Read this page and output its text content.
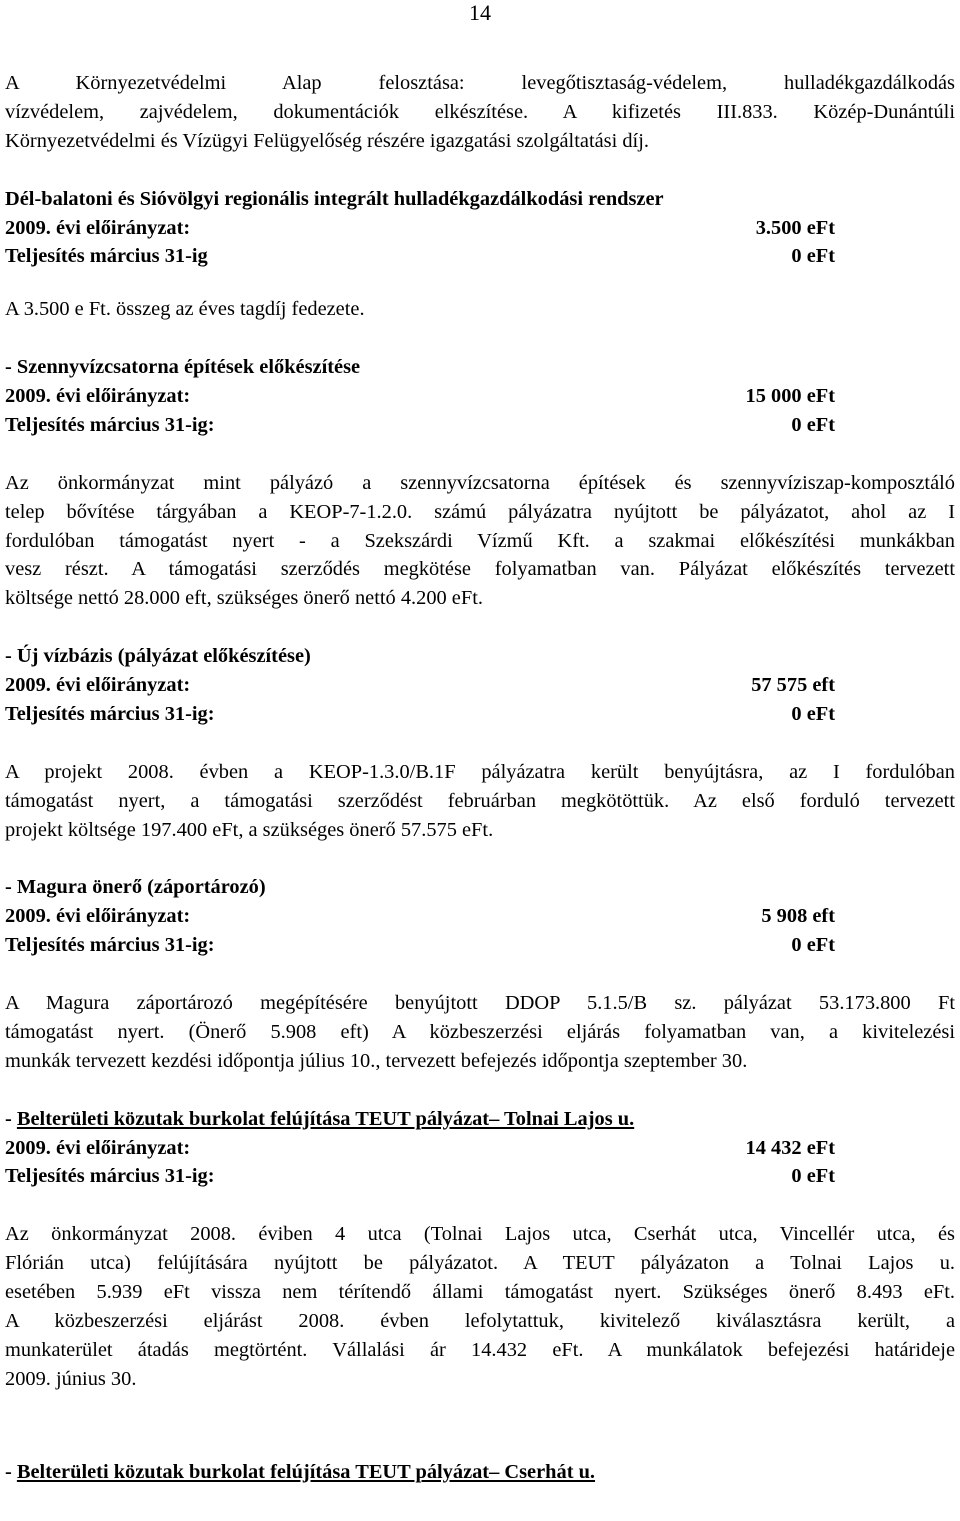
14

A Környezetvédelmi Alap felosztása: levegőtisztaság-védelem, hulladékgazdálkodás

vízvédelem, zajvédelem, dokumentációk elkészítése. A kifizetés III.833. Közép-Dunántúli

Környezetvédelmi és Vízügyi Felügyelőség részére igazgatási szolgáltatási díj.

Dél-balatoni és Sióvölgyi regionális integrált hulladékgazdálkodási rendszer

2009. évi előirányzat:	3.500 eFt
Teljesítés március 31-ig	0 eFt

A 3.500 e Ft. összeg az éves tagdíj fedezete.

- Szennyvízcsatorna építések előkészítése

2009. évi előirányzat:	15 000 eFt
Teljesítés március 31-ig:	0 eFt

Az önkormányzat mint pályázó a szennyvízcsatorna építések és szennyvíziszap-komposztáló

telep bővítése tárgyában a KEOP-7-1.2.0. számú pályázatra nyújtott be pályázatot, ahol az I

fordulóban támogatást nyert - a Szekszárdi Vízmű Kft. a szakmai előkészítési munkákban

vesz részt. A támogatási szerződés megkötése folyamatban van. Pályázat előkészítés tervezett

költsége nettó 28.000 eft, szükséges önerő nettó 4.200 eFt.

- Új vízbázis (pályázat előkészítése)

2009. évi előirányzat:	57 575 eft
Teljesítés március 31-ig:	0 eFt

A projekt 2008. évben a KEOP-1.3.0/B.1F pályázatra került benyújtásra, az I fordulóban

támogatást nyert, a támogatási szerződést februárban megkötöttük. Az első forduló tervezett

projekt költsége 197.400 eFt, a szükséges önerő 57.575 eFt.

- Magura önerő (záportározó)

2009. évi előirányzat:	5 908 eft
Teljesítés március 31-ig:	0 eFt

A Magura záportározó megépítésére benyújtott DDOP 5.1.5/B sz. pályázat 53.173.800 Ft

támogatást nyert. (Önerő 5.908 eft) A közbeszerzési eljárás folyamatban van, a kivitelezési

munkák tervezett kezdési időpontja július 10., tervezett befejezés időpontja szeptember 30.

- Belterületi közutak burkolat felújítása TEUT pályázat– Tolnai Lajos u.

2009. évi előirányzat:	14 432 eFt
Teljesítés március 31-ig:	0 eFt

Az önkormányzat 2008. éviben 4 utca (Tolnai Lajos utca, Cserhát utca, Vincellér utca, és

Flórián utca) felújítására nyújtott be pályázatot. A TEUT pályázaton a Tolnai Lajos u.

esetében 5.939 eFt vissza nem térítendő állami támogatást nyert. Szükséges önerő 8.493 eFt.

A közbeszerzési eljárást 2008. évben lefolytattuk, kivitelező kiválasztásra került, a

munkaterület átadás megtörtént. Vállalási ár 14.432 eFt. A munkálatok befejezési határideje

2009. június 30.

- Belterületi közutak burkolat felújítása TEUT pályázat– Cserhát u.
